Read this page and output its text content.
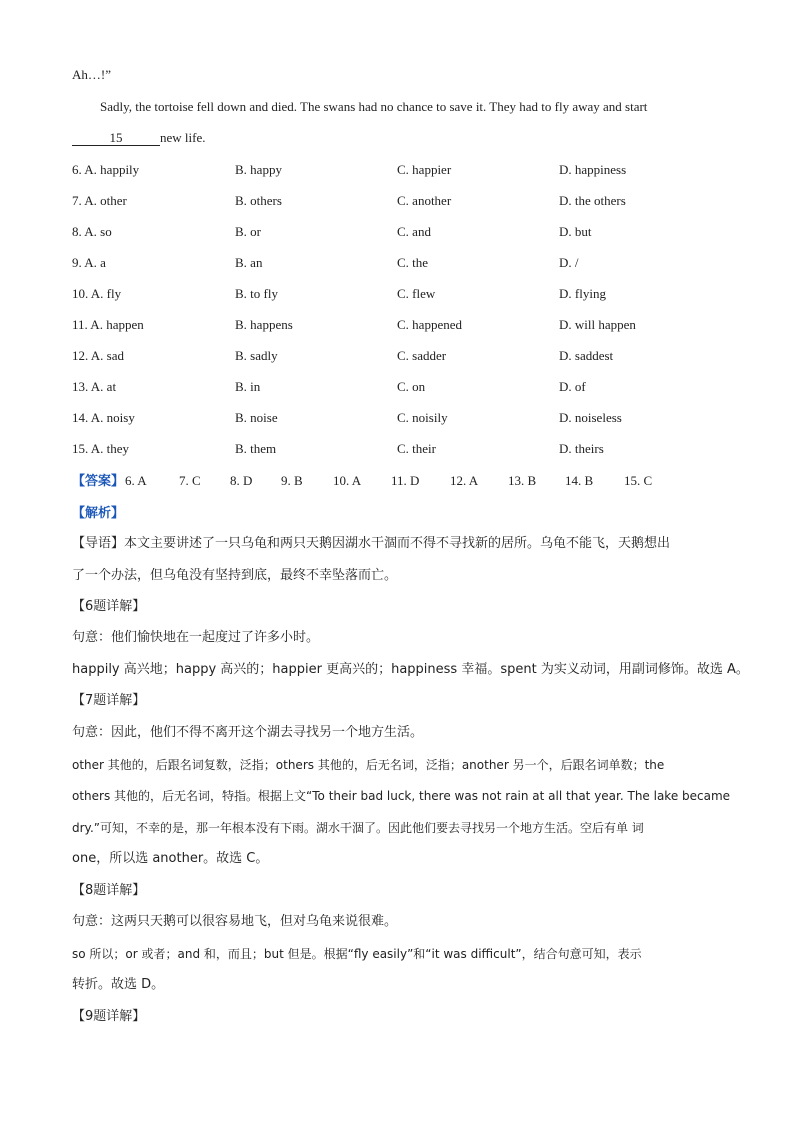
Ah…!”
Sadly, the tortoise fell down and died. The swans had no chance to save it. They had to fly away and start
15	new life.
6. A. happily	B. happy	C. happier	D. happiness
7. A. other	B. others	C. another	D. the others
8. A. so	B. or	C. and	D. but
9. A. a	B. an	C. the	D. /
10. A. fly	B. to fly	C. flew	D. flying
11. A. happen	B. happens	C. happened	D. will happen
12. A. sad	B. sadly	C. sadder	D. saddest
13. A. at	B. in	C. on	D. of
14. A. noisy	B. noise	C. noisily	D. noiseless
15. A. they	B. them	C. their	D. theirs
【答案】 6. A 7. C 8. D 9. B 10. A 11. D 12. A 13. B 14. B 15. C
【解析】
【导语】本文主要讲述了一只乌龟和两只天鹅因湖水干涸而不得不寻找新的居所。乌龟不能飞，天鹅想出
了一个办法，但乌龟没有坚持到底，最终不幸坠落而亡。
【6题详解】
句意：他们愉快地在一起度过了许多小时。
happily 高兴地；happy 高兴的；happier 更高兴的；happiness 幸福。spent 为实义动词，用副词修饰。故选 A。
【7题详解】
句意：因此，他们不得不离开这个湖去寻找另一个地方生活。
other 其他的，后跟名词复数，泛指；others 其他的，后无名词，泛指；another 另一个，后跟名词单数；the
others 其他的，后无名词，特指。根据上文“To their bad luck, there was not rain at all that year. The lake became
dry.”可知，不幸的是，那一年根本没有下雨。湖水干涸了。因此他们要去寻找另一个地方生活。空后有单 词
one，所以选 another。故选 C。
【8题详解】
句意：这两只天鹅可以很容易地飞，但对乌龟来说很难。
so 所以；or 或者；and 和，而且；but 但是。根据“fly easily”和“it was difficult”，结合句意可知，表示
转折。故选 D。
【9题详解】
